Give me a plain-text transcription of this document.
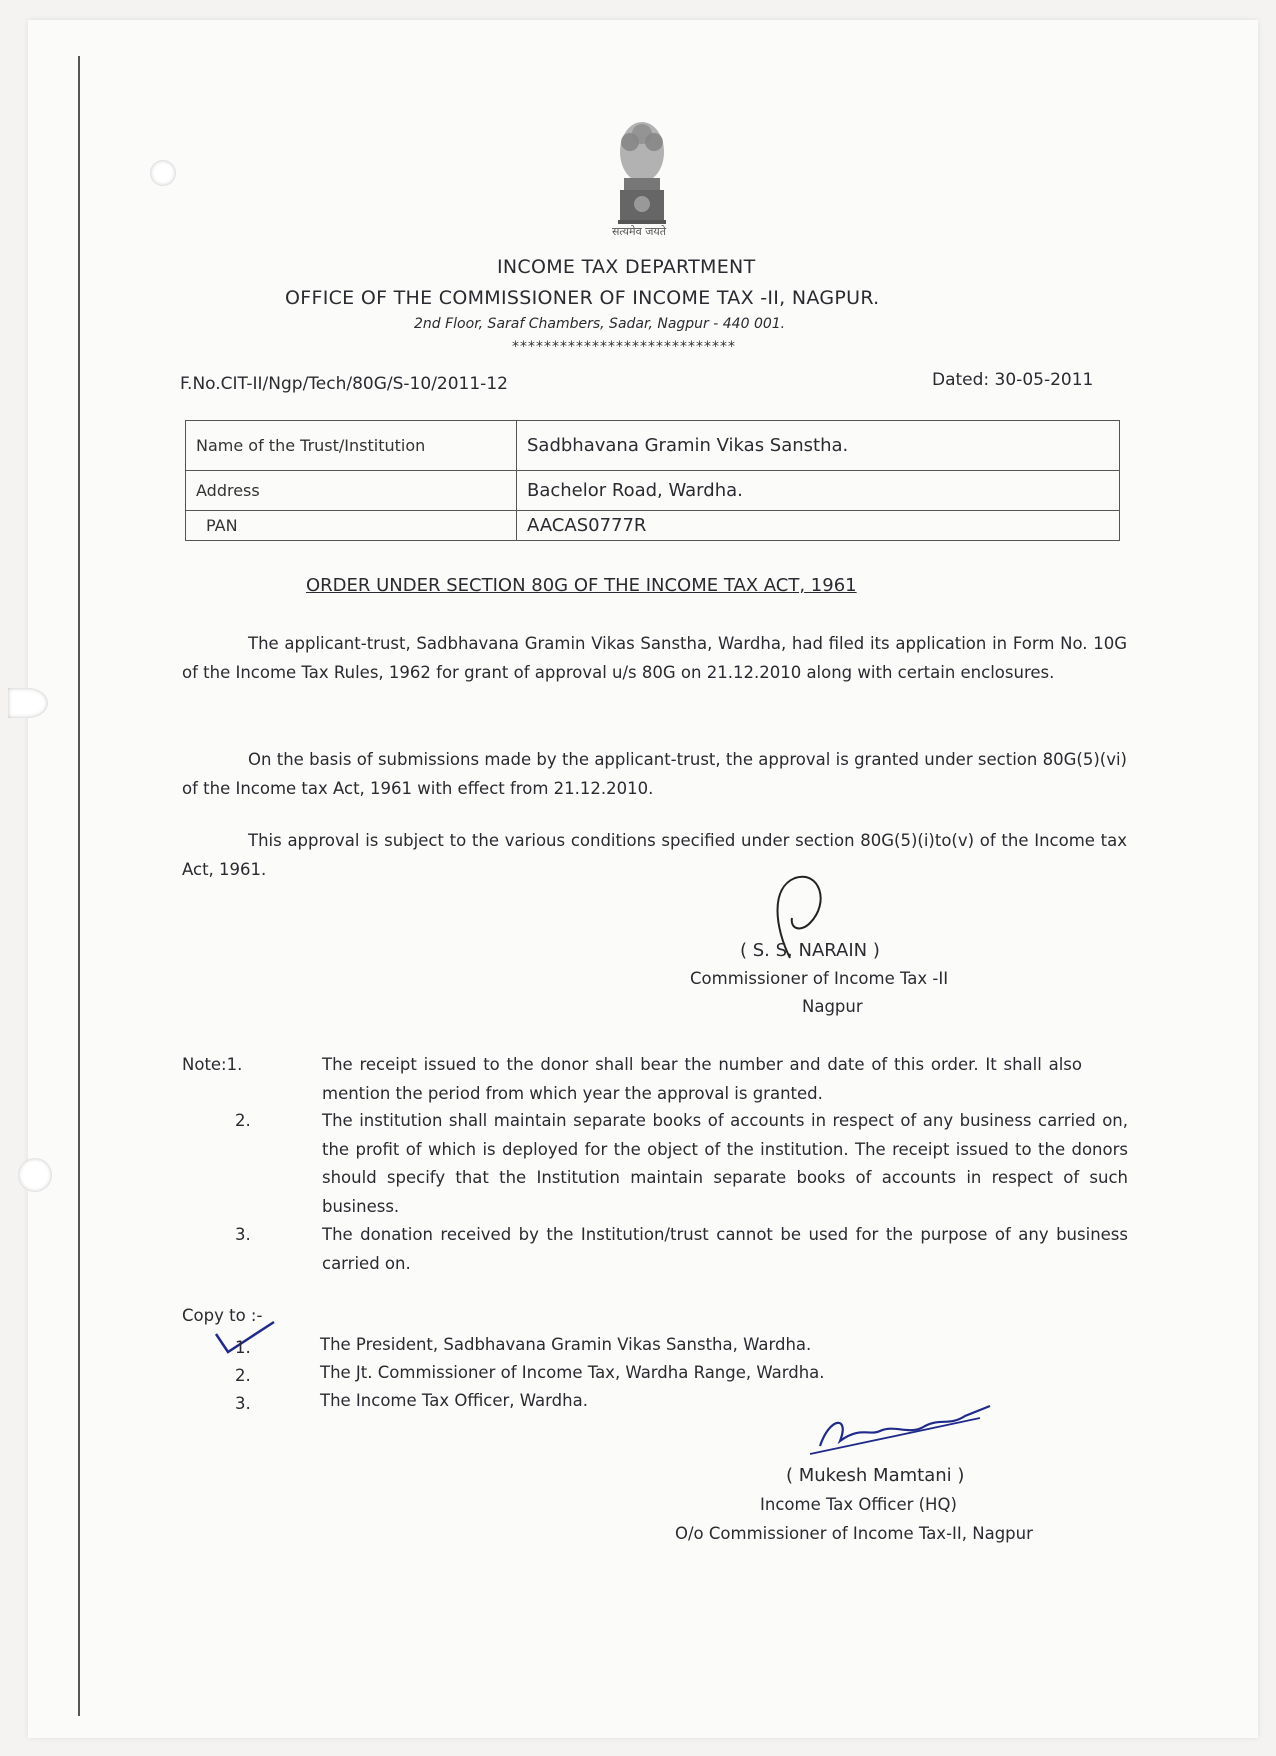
सत्यमेव जयते
INCOME TAX DEPARTMENT
OFFICE OF THE COMMISSIONER OF INCOME TAX -II, NAGPUR.
2nd Floor, Saraf Chambers, Sadar, Nagpur - 440 001.
****************************
F.No.CIT-II/Ngp/Tech/80G/S-10/2011-12	Dated: 30-05-2011
Name of the Trust/Institution	Sadbhavana Gramin Vikas Sanstha.
Address	Bachelor Road, Wardha.
PAN	AACAS0777R
ORDER UNDER SECTION 80G OF THE INCOME TAX ACT, 1961
The applicant-trust, Sadbhavana Gramin Vikas Sanstha, Wardha, had filed its application in Form No. 10G of the Income Tax Rules, 1962 for grant of approval u/s 80G on 21.12.2010 along with certain enclosures.
On the basis of submissions made by the applicant-trust, the approval is granted under section 80G(5)(vi) of the Income tax Act, 1961 with effect from 21.12.2010.
This approval is subject to the various conditions specified under section 80G(5)(i)to(v) of the Income tax Act, 1961.
( S. S. NARAIN )
Commissioner of Income Tax -II
Nagpur
Note:1.	The receipt issued to the donor shall bear the number and date of this order. It shall also mention the period from which year the approval is granted.
2.	The institution shall maintain separate books of accounts in respect of any business carried on, the profit of which is deployed for the object of the institution. The receipt issued to the donors should specify that the Institution maintain separate books of accounts in respect of such business.
3.	The donation received by the Institution/trust cannot be used for the purpose of any business carried on.
Copy to :-
1.	The President, Sadbhavana Gramin Vikas Sanstha, Wardha.
2.	The Jt. Commissioner of Income Tax, Wardha Range, Wardha.
3.	The Income Tax Officer, Wardha.
( Mukesh Mamtani )
Income Tax Officer (HQ)
O/o Commissioner of Income Tax-II, Nagpur
